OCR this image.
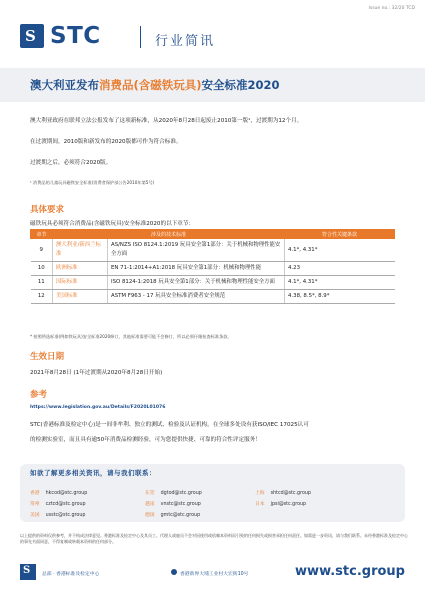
Issue no.: 32/20 TCD
S STC	行业简讯
澳大利亚发布消费品(含磁铁玩具)安全标准2020
澳大利亚政府在联邦立法公报发布了这项新标准，从2020年8月28日起废止2010第一版¹，过渡期为12个月。
在过渡期间，2010版和新发布的2020版都可作为符合标准。
过渡期之后，必须符合2020版。
¹ 消费品的儿童玩具磁铁安全标准(消费者保护部公告2010年第5号)
具体要求
磁铁玩具必须符合消费品(含磁铁玩具)安全标准2020的以下章节：
章节	涉及的技术标准		符合性关键条款
9	澳大利亚/新西兰标准	AS/NZS ISO 8124.1:2019 玩具安全第1部分：关于机械和物理性能安全方面	4.1*, 4.31*
10	欧洲标准	EN 71-1:2014+A1:2018 玩具安全第1部分：机械和物理性能	4.23
11	国际标准	ISO 8124-1:2018 玩具安全第1部分：关于机械和物理性能安全方面	4.1*, 4.31*
12	美国标准	ASTM F963 - 17 玩具安全标准消费者安全规范	4.38, 8.5*, 8.9*
* 按照所选标准(例如铁玩具)安全标准2020修订，其他标准需要可能不会修订，所以必须仔细检查标准条款。
生效日期
2021年8月28日 (1年过渡期从2020年8月28日开始)
参考
https://www.legislation.gov.au/Details/F2020L01076
STC(香港标准及检定中心)是一间非牟利、独立的测试、检验及认证机构，在全球多处设有获ISO/IEC 17025认可
的检测实验室，而且具有逾50年消费品检测经验，可为您提供快捷、可靠的符合性评定服务！
如欲了解更多相关资讯，请与我们联系：
香港 hkcod@stc.group	东莞 dgtod@stc.group	上海 shtcd@stc.group
常州 cztcd@stc.group	越南 vnstc@stc.group	日本 jpsi@stc.group
美国 usstc@stc.group	德国 gmtc@stc.group
以上提供的资料仅供参考，并不构成法律意见。香港标准及检定中心及其员工、代理人或雇员不会对因使用或依赖本资料而引致的任何损失或损害承担任何责任。如需进一步资讯，请与我们联系。未经香港标准及检定中心的事先书面同意，不得复制或转载本资料的任何部分。
S 总部 · 香港标准及检定中心	香港新界大埔工业村大宏街10号	www.stc.group
